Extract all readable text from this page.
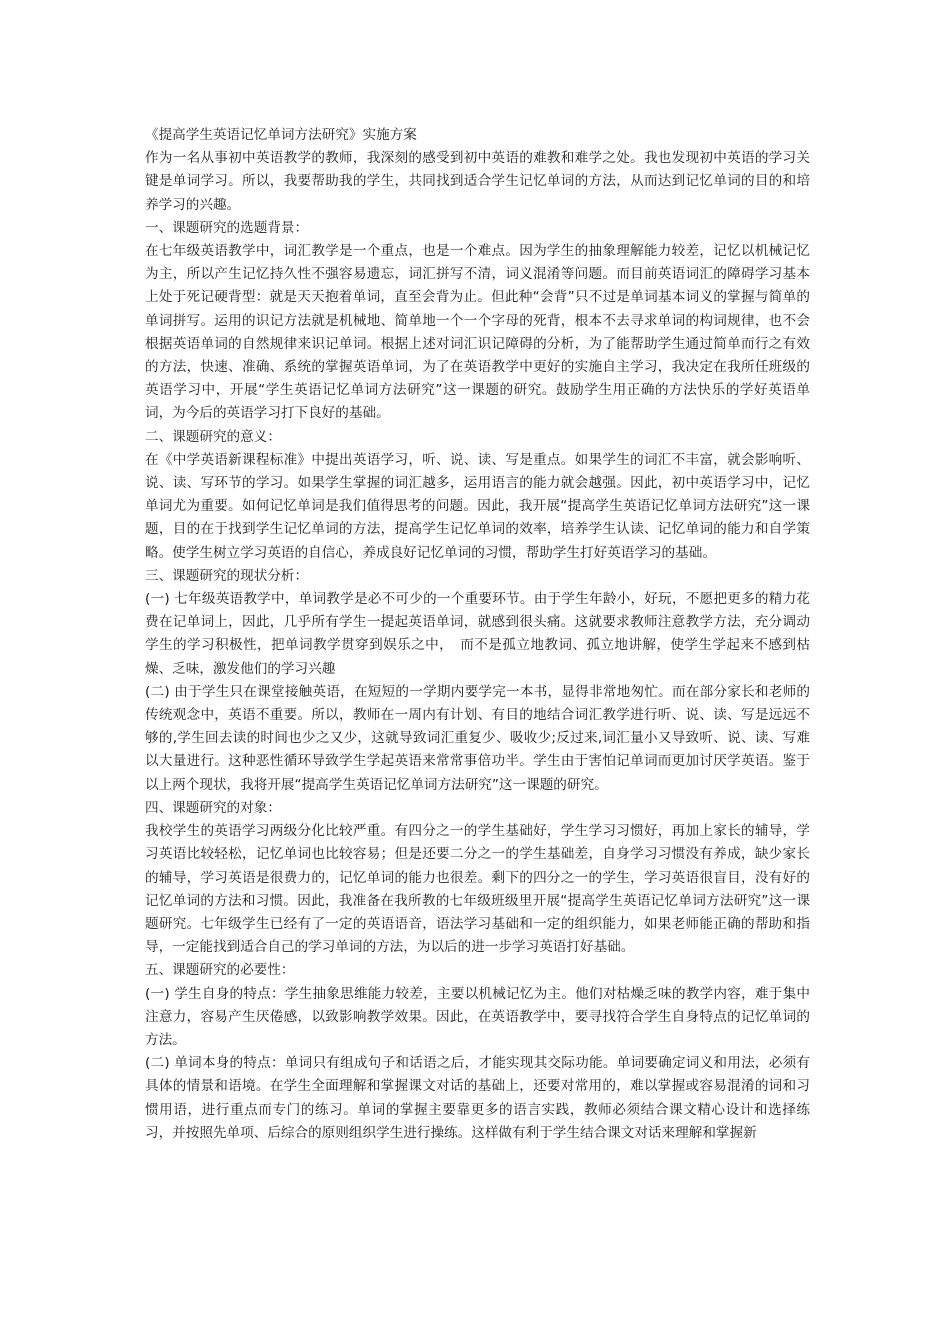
《提高学生英语记忆单词方法研究》实施方案

作为一名从事初中英语教学的教师，我深刻的感受到初中英语的难教和难学之处。我也发现初中英语的学习关键是单词学习。所以，我要帮助我的学生，共同找到适合学生记忆单词的方法，从而达到记忆单词的目的和培养学习的兴趣。

一、课题研究的选题背景：

在七年级英语教学中，词汇教学是一个重点，也是一个难点。因为学生的抽象理解能力较差，记忆以机械记忆为主，所以产生记忆持久性不强容易遗忘，词汇拼写不清，词义混淆等问题。而目前英语词汇的障碍学习基本上处于死记硬背型：就是天天抱着单词，直至会背为止。但此种“会背”只不过是单词基本词义的掌握与简单的单词拼写。运用的识记方法就是机械地、简单地一个一个字母的死背，根本不去寻求单词的构词规律，也不会根据英语单词的自然规律来识记单词。根据上述对词汇识记障碍的分析，为了能帮助学生通过简单而行之有效的方法，快速、准确、系统的掌握英语单词，为了在英语教学中更好的实施自主学习，我决定在我所任班级的英语学习中，开展“学生英语记忆单词方法研究”这一课题的研究。鼓励学生用正确的方法快乐的学好英语单词，为今后的英语学习打下良好的基础。

二、课题研究的意义：

在《中学英语新课程标准》中提出英语学习，听、说、读、写是重点。如果学生的词汇不丰富，就会影响听、说、读、写环节的学习。如果学生掌握的词汇越多，运用语言的能力就会越强。因此，初中英语学习中，记忆单词尤为重要。如何记忆单词是我们值得思考的问题。因此，我开展“提高学生英语记忆单词方法研究”这一课题，目的在于找到学生记忆单词的方法，提高学生记忆单词的效率，培养学生认读、记忆单词的能力和自学策略。使学生树立学习英语的自信心，养成良好记忆单词的习惯，帮助学生打好英语学习的基础。

三、课题研究的现状分析：

(一) 七年级英语教学中，单词教学是必不可少的一个重要环节。由于学生年龄小，好玩，不愿把更多的精力花费在记单词上，因此，几乎所有学生一提起英语单词，就感到很头痛。这就要求教师注意教学方法，充分调动学生的学习积极性，把单词教学贯穿到娱乐之中，　而不是孤立地教词、孤立地讲解，使学生学起来不感到枯燥、乏味，激发他们的学习兴趣

(二) 由于学生只在课堂接触英语，在短短的一学期内要学完一本书，显得非常地匆忙。而在部分家长和老师的传统观念中，英语不重要。所以，教师在一周内有计划、有目的地结合词汇教学进行听、说、读、写是远远不够的,学生回去读的时间也少之又少，这就导致词汇重复少、吸收少;反过来,词汇量小又导致听、说、读、写难以大量进行。这种恶性循环导致学生学起英语来常常事倍功半。学生由于害怕记单词而更加讨厌学英语。鉴于以上两个现状，我将开展“提高学生英语记忆单词方法研究”这一课题的研究。

四、课题研究的对象：

我校学生的英语学习两级分化比较严重。有四分之一的学生基础好，学生学习习惯好，再加上家长的辅导，学习英语比较轻松，记忆单词也比较容易；但是还要二分之一的学生基础差，自身学习习惯没有养成，缺少家长的辅导，学习英语是很费力的，记忆单词的能力也很差。剩下的四分之一的学生，学习英语很盲目，没有好的记忆单词的方法和习惯。因此，我准备在我所教的七年级班级里开展“提高学生英语记忆单词方法研究”这一课题研究。七年级学生已经有了一定的英语语音，语法学习基础和一定的组织能力，如果老师能正确的帮助和指导，一定能找到适合自己的学习单词的方法，为以后的进一步学习英语打好基础。

五、课题研究的必要性：

(一) 学生自身的特点：学生抽象思维能力较差，主要以机械记忆为主。他们对枯燥乏味的教学内容，难于集中注意力，容易产生厌倦感，以致影响教学效果。因此，在英语教学中，要寻找符合学生自身特点的记忆单词的方法。

(二) 单词本身的特点：单词只有组成句子和话语之后，才能实现其交际功能。单词要确定词义和用法，必须有具体的情景和语境。在学生全面理解和掌握课文对话的基础上，还要对常用的，难以掌握或容易混淆的词和习惯用语，进行重点而专门的练习。单词的掌握主要靠更多的语言实践，教师必须结合课文精心设计和选择练习，并按照先单项、后综合的原则组织学生进行操练。这样做有利于学生结合课文对话来理解和掌握新
